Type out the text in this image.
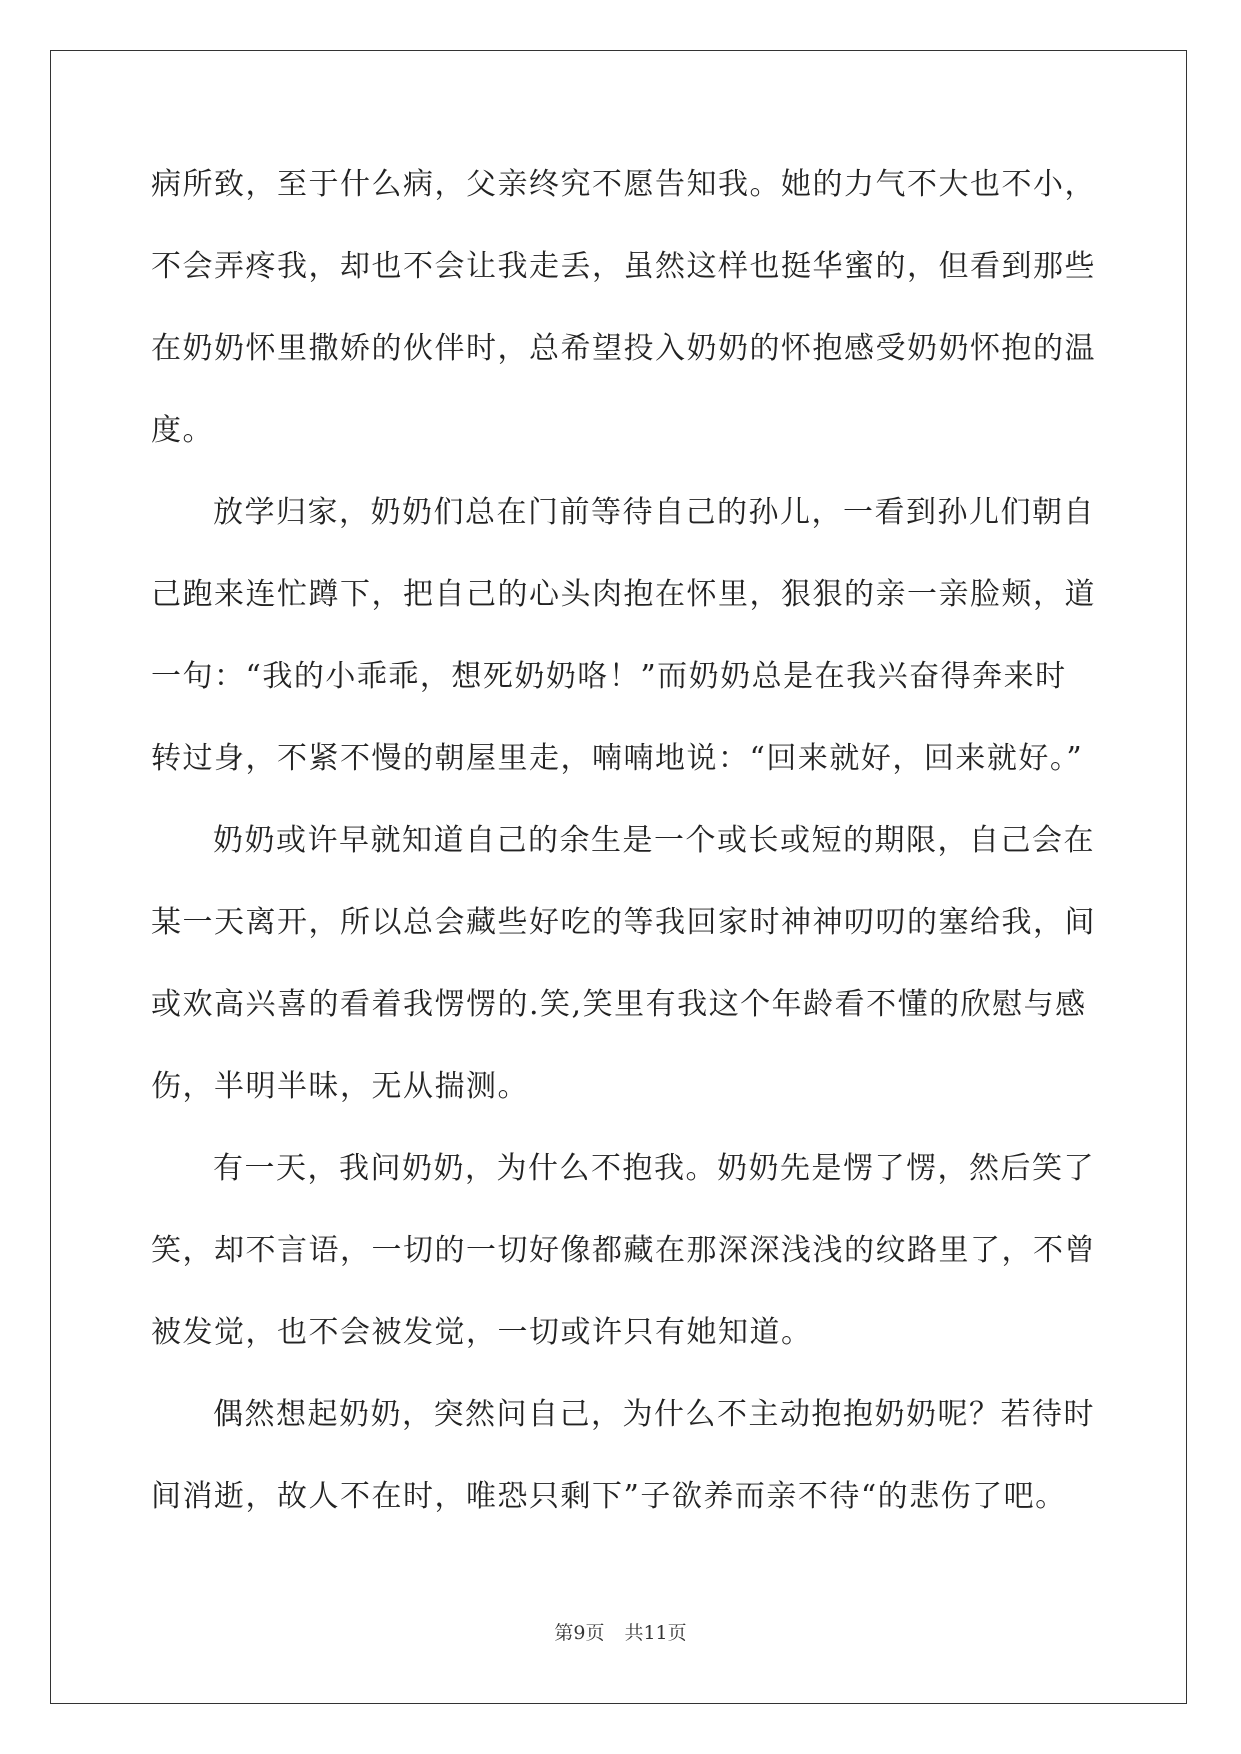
病所致，至于什么病，父亲终究不愿告知我。她的力气不大也不小，
不会弄疼我，却也不会让我走丢，虽然这样也挺华蜜的，但看到那些
在奶奶怀里撒娇的伙伴时，总希望投入奶奶的怀抱感受奶奶怀抱的温
度。
放学归家，奶奶们总在门前等待自己的孙儿，一看到孙儿们朝自
己跑来连忙蹲下，把自己的心头肉抱在怀里，狠狠的亲一亲脸颊，道
一句：“我的小乖乖，想死奶奶咯！”而奶奶总是在我兴奋得奔来时
转过身，不紧不慢的朝屋里走，喃喃地说：“回来就好，回来就好。”
奶奶或许早就知道自己的余生是一个或长或短的期限，自己会在
某一天离开，所以总会藏些好吃的等我回家时神神叨叨的塞给我，间
或欢高兴喜的看着我愣愣的.笑,笑里有我这个年龄看不懂的欣慰与感
伤，半明半昧，无从揣测。
有一天，我问奶奶，为什么不抱我。奶奶先是愣了愣，然后笑了
笑，却不言语，一切的一切好像都藏在那深深浅浅的纹路里了，不曾
被发觉，也不会被发觉，一切或许只有她知道。
偶然想起奶奶，突然问自己，为什么不主动抱抱奶奶呢？若待时
间消逝，故人不在时，唯恐只剩下”子欲养而亲不待“的悲伤了吧。
第9页 共11页
